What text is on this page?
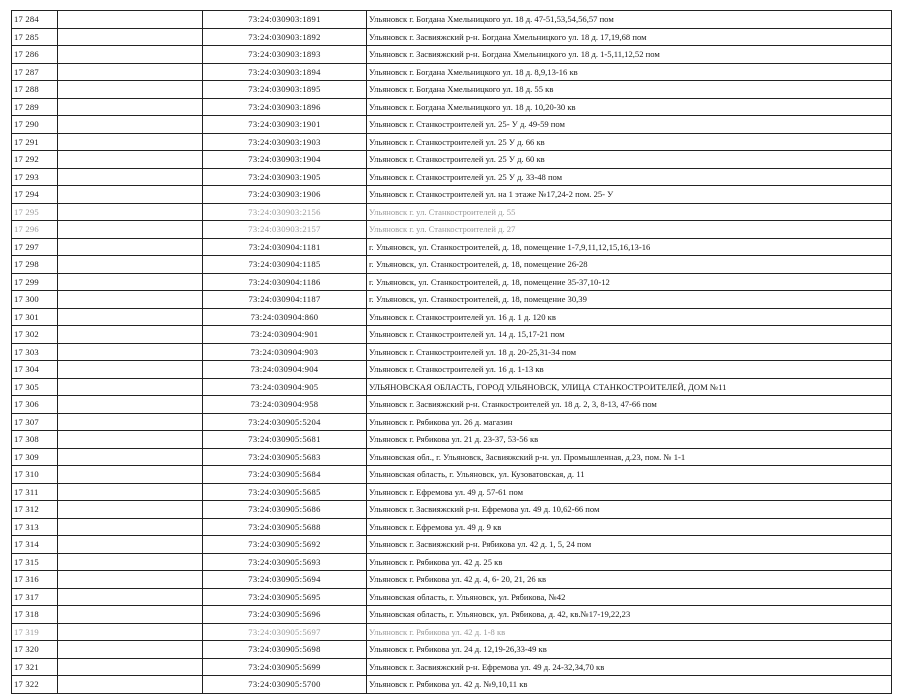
17 284		73:24:030903:1891	Ульяновск г. Богдана Хмельницкого ул. 18 д. 47-51,53,54,56,57 пом
17 285		73:24:030903:1892	Ульяновск г. Засвияжский р-н. Богдана Хмельницкого ул. 18 д. 17,19,68 пом
17 286		73:24:030903:1893	Ульяновск г. Засвияжский р-н. Богдана Хмельницкого ул. 18 д. 1-5,11,12,52 пом
17 287		73:24:030903:1894	Ульяновск г. Богдана Хмельницкого ул. 18 д. 8,9,13-16 кв
17 288		73:24:030903:1895	Ульяновск г. Богдана Хмельницкого ул. 18 д. 55 кв
17 289		73:24:030903:1896	Ульяновск г. Богдана Хмельницкого ул. 18 д. 10,20-30 кв
17 290		73:24:030903:1901	Ульяновск г. Станкостроителей ул. 25- У д. 49-59 пом
17 291		73:24:030903:1903	Ульяновск г. Станкостроителей ул. 25 У д. 66 кв
17 292		73:24:030903:1904	Ульяновск г. Станкостроителей ул. 25 У д. 60 кв
17 293		73:24:030903:1905	Ульяновск г. Станкостроителей ул. 25 У д. 33-48 пом
17 294		73:24:030903:1906	Ульяновск г. Станкостроителей ул. на 1 этаже №17,24-2 пом. 25- У
17 295		73:24:030903:2156	Ульяновск г. ул. Станкостроителей д. 55
17 296		73:24:030903:2157	Ульяновск г. ул. Станкостроителей д. 27
17 297		73:24:030904:1181	г. Ульяновск, ул. Станкостроителей, д. 18, помещение 1-7,9,11,12,15,16,13-16
17 298		73:24:030904:1185	г. Ульяновск, ул. Станкостроителей, д. 18, помещение 26-28
17 299		73:24:030904:1186	г. Ульяновск, ул. Станкостроителей, д. 18, помещение 35-37,10-12
17 300		73:24:030904:1187	г. Ульяновск, ул. Станкостроителей, д. 18, помещение 30,39
17 301		73:24:030904:860	Ульяновск г. Станкостроителей ул. 16 д. 1 д. 120 кв
17 302		73:24:030904:901	Ульяновск г. Станкостроителей ул. 14 д. 15,17-21 пом
17 303		73:24:030904:903	Ульяновск г. Станкостроителей ул. 18 д. 20-25,31-34 пом
17 304		73:24:030904:904	Ульяновск г. Станкостроителей ул. 16 д. 1-13 кв
17 305		73:24:030904:905	УЛЬЯНОВСКАЯ ОБЛАСТЬ, ГОРОД УЛЬЯНОВСК, УЛИЦА СТАНКОСТРОИТЕЛЕЙ, ДОМ №11
17 306		73:24:030904:958	Ульяновск г. Засвияжский р-н. Станкостроителей ул. 18 д. 2, 3, 8-13, 47-66 пом
17 307		73:24:030905:5204	Ульяновск г. Рябикова ул. 26 д. магазин
17 308		73:24:030905:5681	Ульяновск г. Рябикова ул. 21 д. 23-37, 53-56 кв
17 309		73:24:030905:5683	Ульяновская обл., г. Ульяновск, Засвияжский р-н. ул. Промышленная, д.23, пом. № 1-1
17 310		73:24:030905:5684	Ульяновская область, г. Ульяновск, ул. Кузоватовская, д. 11
17 311		73:24:030905:5685	Ульяновск г. Ефремова ул. 49 д. 57-61 пом
17 312		73:24:030905:5686	Ульяновск г. Засвияжский р-н. Ефремова ул. 49 д. 10,62-66 пом
17 313		73:24:030905:5688	Ульяновск г. Ефремова ул. 49 д. 9 кв
17 314		73:24:030905:5692	Ульяновск г. Засвияжский р-н. Рябикова ул. 42 д. 1, 5, 24 пом
17 315		73:24:030905:5693	Ульяновск г. Рябикова ул. 42 д. 25 кв
17 316		73:24:030905:5694	Ульяновск г. Рябикова ул. 42 д. 4, 6- 20, 21, 26 кв
17 317		73:24:030905:5695	Ульяновская область, г. Ульяновск, ул. Рябикова, №42
17 318		73:24:030905:5696	Ульяновская область, г. Ульяновск, ул. Рябикова, д. 42, кв.№17-19,22,23
17 319		73:24:030905:5697	Ульяновск г. Рябикова ул. 42 д. 1-8 кв
17 320		73:24:030905:5698	Ульяновск г. Рябикова ул. 24 д. 12,19-26,33-49 кв
17 321		73:24:030905:5699	Ульяновск г. Засвияжский р-н. Ефремова ул. 49 д. 24-32,34,70 кв
17 322		73:24:030905:5700	Ульяновск г. Рябикова ул. 42 д. №9,10,11 кв
